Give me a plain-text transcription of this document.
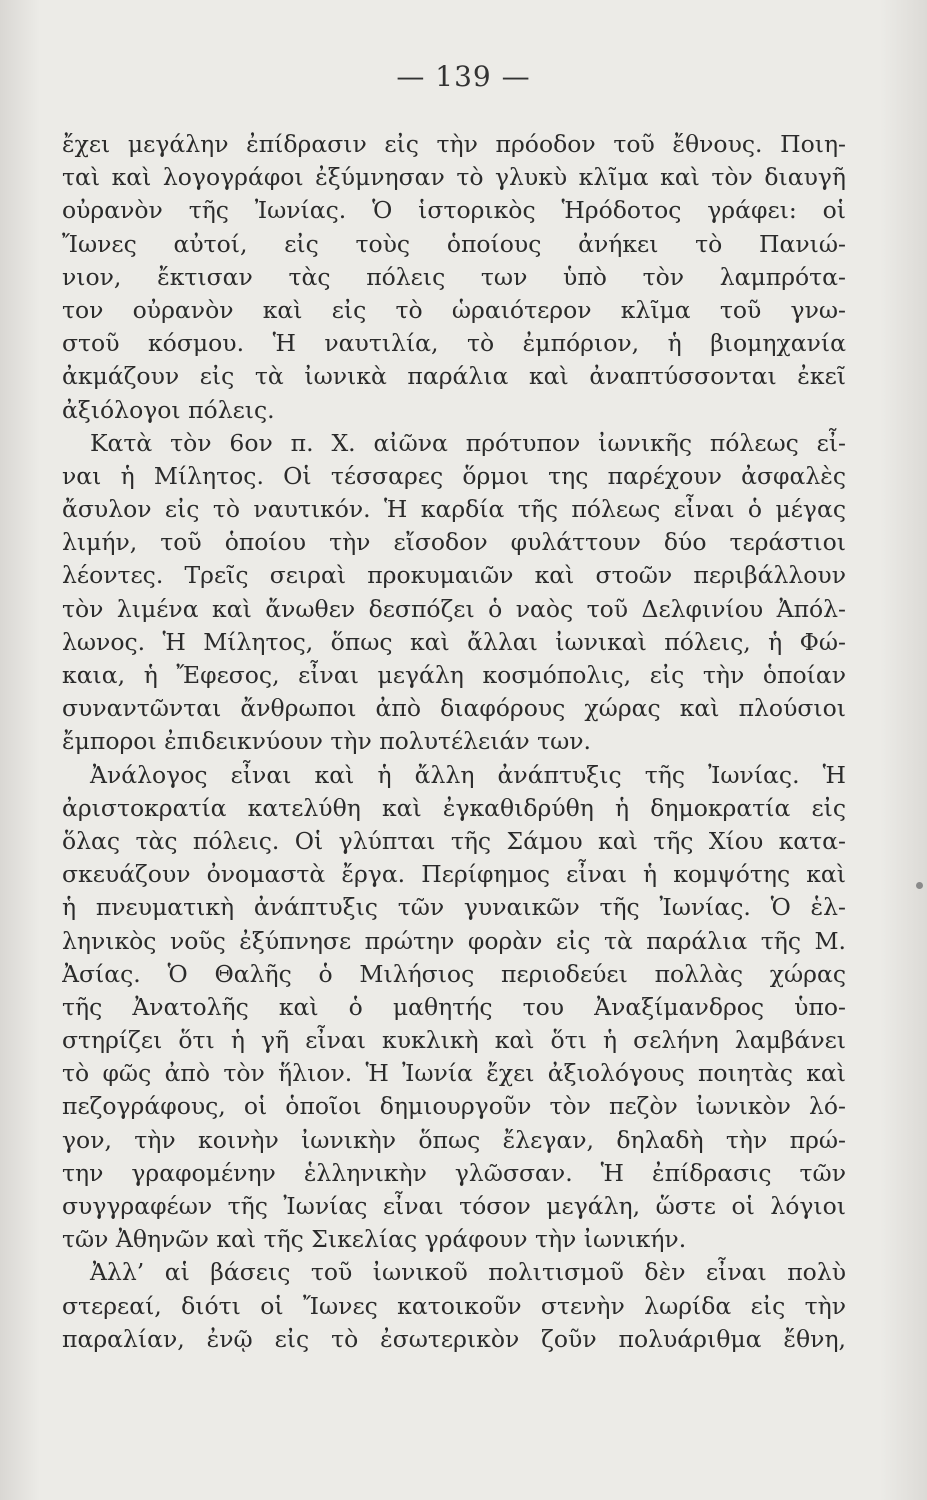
— 139 —
ἔχει μεγάλην ἐπίδρασιν εἰς τὴν πρόοδον τοῦ ἔθνους. Ποιη-
ταὶ καὶ λογογράφοι ἐξύμνησαν τὸ γλυκὺ κλῖμα καὶ τὸν διαυγῆ
οὐρανὸν τῆς Ἰωνίας. Ὁ ἱστορικὸς Ἡρόδοτος γράφει: οἱ
Ἴωνες αὐτοί, εἰς τοὺς ὁποίους ἀνήκει τὸ Πανιώ-
νιον, ἔκτισαν τὰς πόλεις των ὑπὸ τὸν λαμπρότα-
τον οὐρανὸν καὶ εἰς τὸ ὡραιότερον κλῖμα τοῦ γνω-
στοῦ κόσμου. Ἡ ναυτιλία, τὸ ἐμπόριον, ἡ βιομηχανία
ἀκμάζουν εἰς τὰ ἰωνικὰ παράλια καὶ ἀναπτύσσονται ἐκεῖ
ἀξιόλογοι πόλεις.
Κατὰ τὸν 6ον π. Χ. αἰῶνα πρότυπον ἰωνικῆς πόλεως εἶ-
ναι ἡ Μίλητος. Οἱ τέσσαρες ὅρμοι της παρέχουν ἀσφαλὲς
ἄσυλον εἰς τὸ ναυτικόν. Ἡ καρδία τῆς πόλεως εἶναι ὁ μέγας
λιμήν, τοῦ ὁποίου τὴν εἴσοδον φυλάττουν δύο τεράστιοι
λέοντες. Τρεῖς σειραὶ προκυμαιῶν καὶ στοῶν περιβάλλουν
τὸν λιμένα καὶ ἄνωθεν δεσπόζει ὁ ναὸς τοῦ Δελφινίου Ἀπόλ-
λωνος. Ἡ Μίλητος, ὅπως καὶ ἄλλαι ἰωνικαὶ πόλεις, ἡ Φώ-
καια, ἡ Ἔφεσος, εἶναι μεγάλη κοσμόπολις, εἰς τὴν ὁποίαν
συναντῶνται ἄνθρωποι ἀπὸ διαφόρους χώρας καὶ πλούσιοι
ἔμποροι ἐπιδεικνύουν τὴν πολυτέλειάν των.
Ἀνάλογος εἶναι καὶ ἡ ἄλλη ἀνάπτυξις τῆς Ἰωνίας. Ἡ
ἀριστοκρατία κατελύθη καὶ ἐγκαθιδρύθη ἡ δημοκρατία εἰς
ὅλας τὰς πόλεις. Οἱ γλύπται τῆς Σάμου καὶ τῆς Χίου κατα-
σκευάζουν ὀνομαστὰ ἔργα. Περίφημος εἶναι ἡ κομψότης καὶ
ἡ πνευματικὴ ἀνάπτυξις τῶν γυναικῶν τῆς Ἰωνίας. Ὁ ἑλ-
ληνικὸς νοῦς ἐξύπνησε πρώτην φορὰν εἰς τὰ παράλια τῆς Μ.
Ἀσίας. Ὁ Θαλῆς ὁ Μιλήσιος περιοδεύει πολλὰς χώρας
τῆς Ἀνατολῆς καὶ ὁ μαθητής του Ἀναξίμανδρος ὑπο-
στηρίζει ὅτι ἡ γῆ εἶναι κυκλικὴ καὶ ὅτι ἡ σελήνη λαμβάνει
τὸ φῶς ἀπὸ τὸν ἥλιον. Ἡ Ἰωνία ἔχει ἀξιολόγους ποιητὰς καὶ
πεζογράφους, οἱ ὁποῖοι δημιουργοῦν τὸν πεζὸν ἰωνικὸν λό-
γον, τὴν κοινὴν ἰωνικὴν ὅπως ἔλεγαν, δηλαδὴ τὴν πρώ-
την γραφομένην ἑλληνικὴν γλῶσσαν. Ἡ ἐπίδρασις τῶν
συγγραφέων τῆς Ἰωνίας εἶναι τόσον μεγάλη, ὥστε οἱ λόγιοι
τῶν Ἀθηνῶν καὶ τῆς Σικελίας γράφουν τὴν ἰωνικήν.
Ἀλλ’ αἱ βάσεις τοῦ ἰωνικοῦ πολιτισμοῦ δὲν εἶναι πολὺ
στερεαί, διότι οἱ Ἴωνες κατοικοῦν στενὴν λωρίδα εἰς τὴν
παραλίαν, ἐνῷ εἰς τὸ ἐσωτερικὸν ζοῦν πολυάριθμα ἔθνη,
